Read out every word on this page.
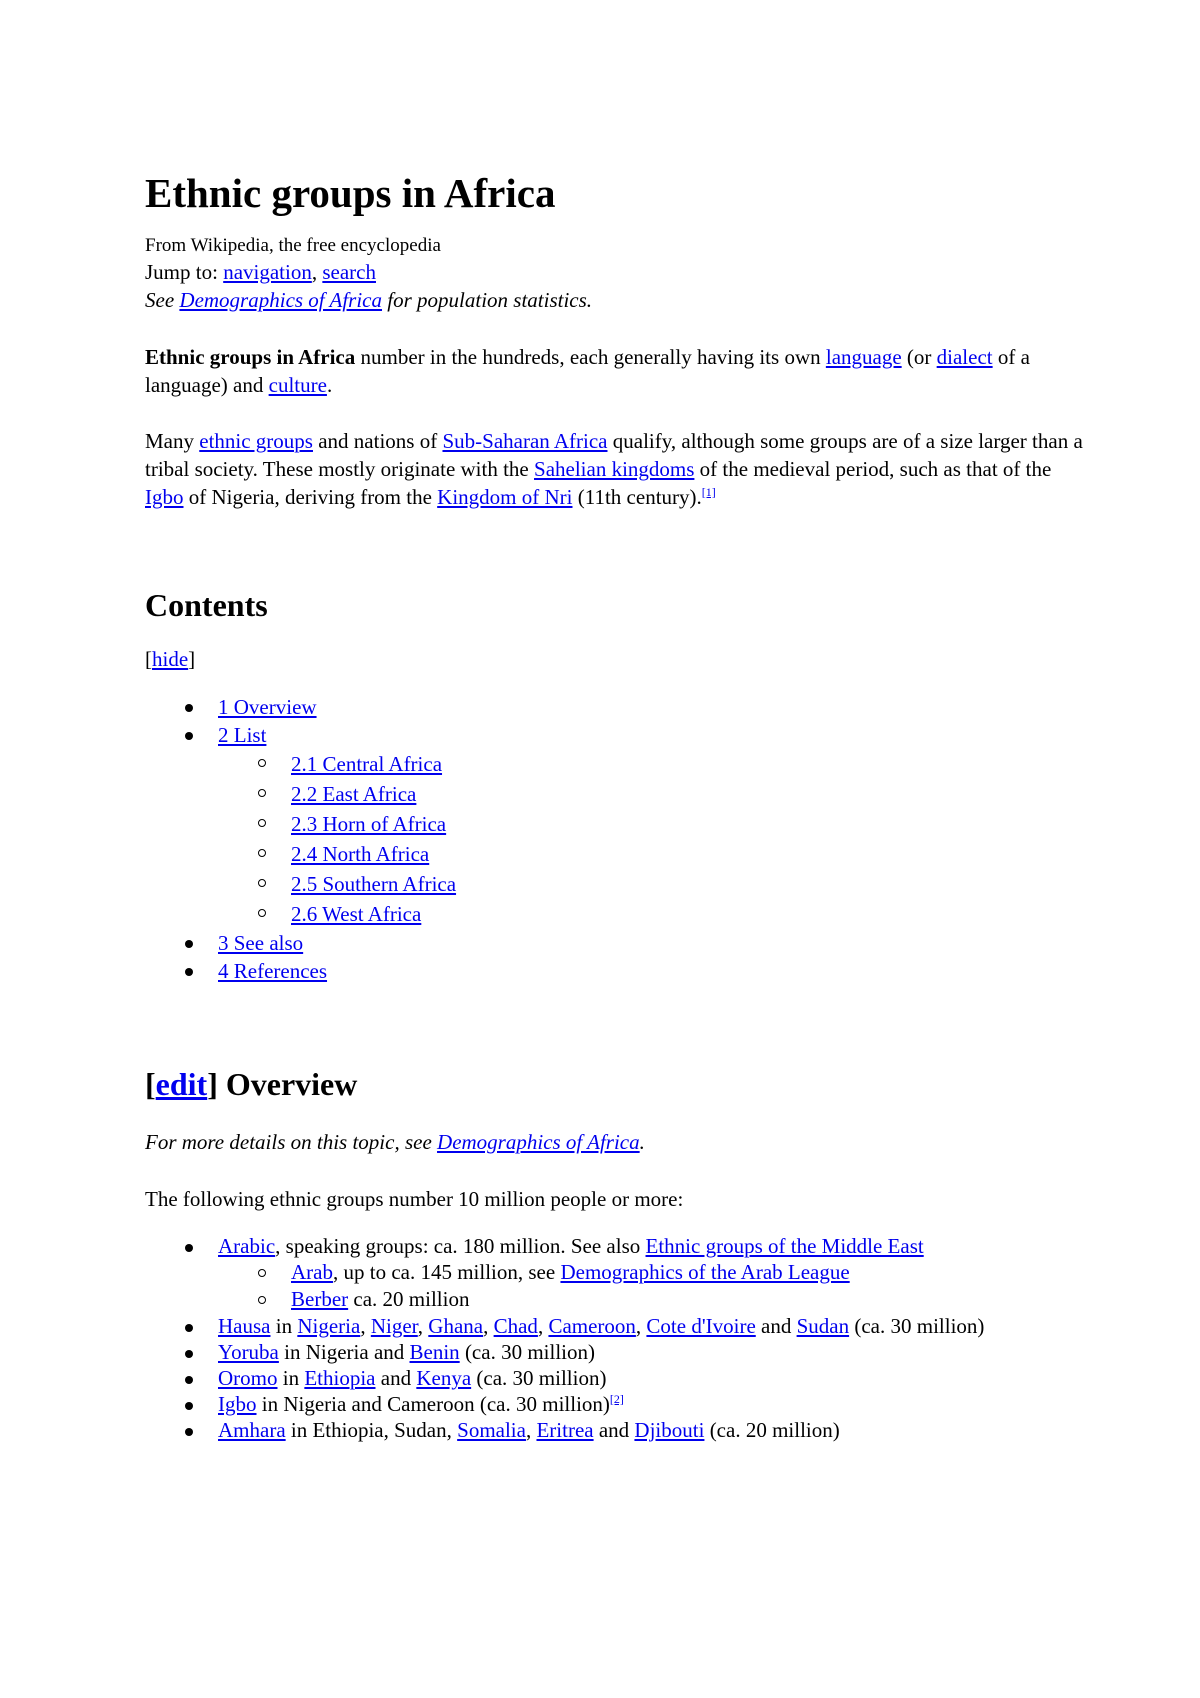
Ethnic groups in Africa

From Wikipedia, the free encyclopedia

Jump to: navigation, search

See Demographics of Africa for population statistics.

Ethnic groups in Africa number in the hundreds, each generally having its own language (or dialect of a language) and culture.

Many ethnic groups and nations of Sub-Saharan Africa qualify, although some groups are of a size larger than a tribal society. These mostly originate with the Sahelian kingdoms of the medieval period, such as that of the Igbo of Nigeria, deriving from the Kingdom of Nri (11th century).[1]

Contents

[hide]

1 Overview
2 List
2.1 Central Africa
2.2 East Africa
2.3 Horn of Africa
2.4 North Africa
2.5 Southern Africa
2.6 West Africa
3 See also
4 References
[edit] Overview

For more details on this topic, see Demographics of Africa.

The following ethnic groups number 10 million people or more:

Arabic, speaking groups: ca. 180 million. See also Ethnic groups of the Middle East
Arab, up to ca. 145 million, see Demographics of the Arab League
Berber ca. 20 million
Hausa in Nigeria, Niger, Ghana, Chad, Cameroon, Cote d'Ivoire and Sudan (ca. 30 million)
Yoruba in Nigeria and Benin (ca. 30 million)
Oromo in Ethiopia and Kenya (ca. 30 million)
Igbo in Nigeria and Cameroon (ca. 30 million)[2]
Amhara in Ethiopia, Sudan, Somalia, Eritrea and Djibouti (ca. 20 million)
